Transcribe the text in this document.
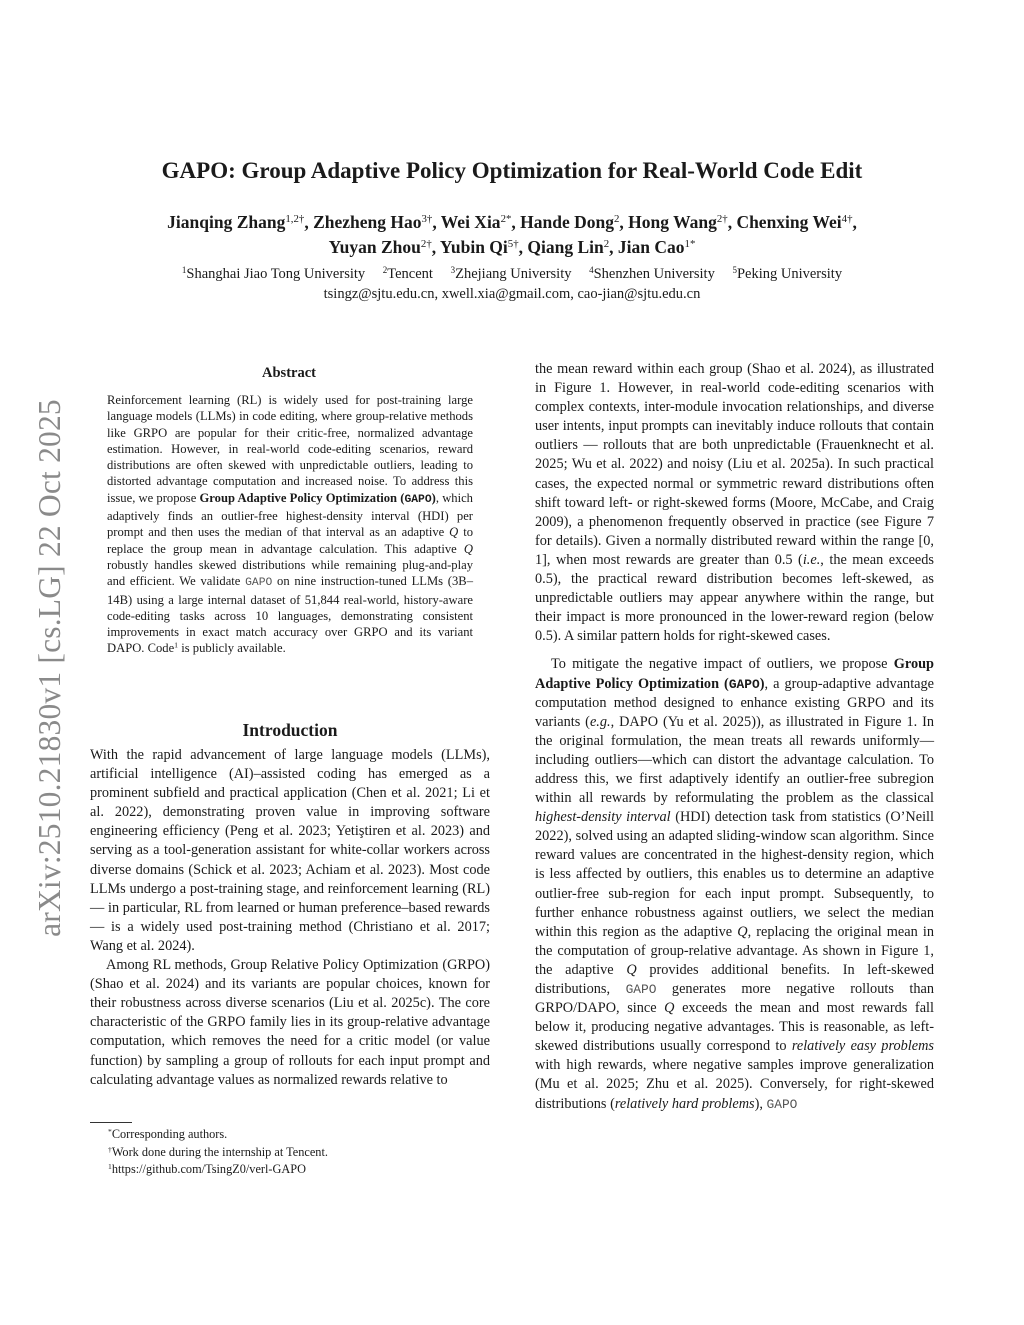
arXiv:2510.21830v1 [cs.LG] 22 Oct 2025
GAPO: Group Adaptive Policy Optimization for Real-World Code Edit
Jianqing Zhang$^{1,2\dagger}$, Zhezheng Hao$^{3\dagger}$, Wei Xia$^{2*}$, Hande Dong$^2$, Hong Wang$^{2\dagger}$, Chenxing Wei$^{4\dagger}$,
Yuyan Zhou$^{2\dagger}$, Yubin $Qi^{5\dagger}$, Qiang Lin$^2$, Jian Cao$^{1*}$
$^1$Shanghai Jiao Tong University $^2$Tencent $^3$Zhejiang University $^4$Shenzhen University $^5$Peking University
tsingz@sjtu.edu.cn, xwell.xia@gmail.com, cao-jian@sjtu.edu.cn
Abstract

Reinforcement learning (RL) is widely used for post-training large language models (LLMs) in code editing, where group-relative methods like GRPO are popular for their critic-free, normalized advantage estimation. However, in real-world code-editing scenarios, reward distributions are often skewed with unpredictable outliers, leading to distorted advantage computation and increased noise. To address this issue, we propose Group Adaptive Policy Optimization (GAPO), which adaptively finds an outlier-free highest-density interval (HDI) per prompt and then uses the median of that interval as an adaptive Q to replace the group mean in advantage calculation. This adaptive Q robustly handles skewed distributions while remaining plug-and-play and efficient. We validate GAPO on nine instruction-tuned LLMs (3B–14B) using a large internal dataset of 51,844 real-world, history-aware code-editing tasks across 10 languages, demonstrating consistent improvements in exact match accuracy over GRPO and its variant DAPO. Code$^1$ is publicly available.

Introduction

With the rapid advancement of large language models (LLMs), artificial intelligence (AI)–assisted coding has emerged as a prominent subfield and practical application (Chen et al. 2021; Li et al. 2022), demonstrating proven value in improving software engineering efficiency (Peng et al. 2023; Yetiştiren et al. 2023) and serving as a tool-generation assistant for white-collar workers across diverse domains (Schick et al. 2023; Achiam et al. 2023). Most code LLMs undergo a post-training stage, and reinforcement learning (RL) — in particular, RL from learned or human preference–based rewards— is a widely used post-training method (Christiano et al. 2017; Wang et al. 2024).

Among RL methods, Group Relative Policy Optimization (GRPO) (Shao et al. 2024) and its variants are popular choices, known for their robustness across diverse scenarios (Liu et al. 2025c). The core characteristic of the GRPO family lies in its group-relative advantage computation, which removes the need for a critic model (or value function) by sampling a group of rollouts for each input prompt and calculating advantage values as normalized rewards relative to

the mean reward within each group (Shao et al. 2024), as illustrated in Figure 1. However, in real-world code-editing scenarios with complex contexts, inter-module invocation relationships, and diverse user intents, input prompts can inevitably induce rollouts that contain outliers — rollouts that are both unpredictable (Frauenknecht et al. 2025; Wu et al. 2022) and noisy (Liu et al. 2025a). In such practical cases, the expected normal or symmetric reward distributions often shift toward left- or right-skewed forms (Moore, McCabe, and Craig 2009), a phenomenon frequently observed in practice (see Figure 7 for details). Given a normally distributed reward within the range [0, 1], when most rewards are greater than 0.5 (i.e., the mean exceeds 0.5), the practical reward distribution becomes left-skewed, as unpredictable outliers may appear anywhere within the range, but their impact is more pronounced in the lower-reward region (below 0.5). A similar pattern holds for right-skewed cases.

To mitigate the negative impact of outliers, we propose Group Adaptive Policy Optimization (GAPO), a group-adaptive advantage computation method designed to enhance existing GRPO and its variants (e.g., DAPO (Yu et al. 2025)), as illustrated in Figure 1. In the original formulation, the mean treats all rewards uniformly—including outliers—which can distort the advantage calculation. To address this, we first adaptively identify an outlier-free subregion within all rewards by reformulating the problem as the classical highest-density interval (HDI) detection task from statistics (O’Neill 2022), solved using an adapted sliding-window scan algorithm. Since reward values are concentrated in the highest-density region, which is less affected by outliers, this enables us to determine an adaptive outlier-free sub-region for each input prompt. Subsequently, to further enhance robustness against outliers, we select the median within this region as the adaptive Q, replacing the original mean in the computation of group-relative advantage. As shown in Figure 1, the adaptive Q provides additional benefits. In left-skewed distributions, GAPO generates more negative rollouts than GRPO/DAPO, since Q exceeds the mean and most rewards fall below it, producing negative advantages. This is reasonable, as left-skewed distributions usually correspond to relatively easy problems with high rewards, where negative samples improve generalization (Mu et al. 2025; Zhu et al. 2025). Conversely, for right-skewed distributions (relatively hard problems), GAPO

*Corresponding authors.
†Work done during the internship at Tencent.
$^1$https://github.com/TsingZ0/verl-GAPO
